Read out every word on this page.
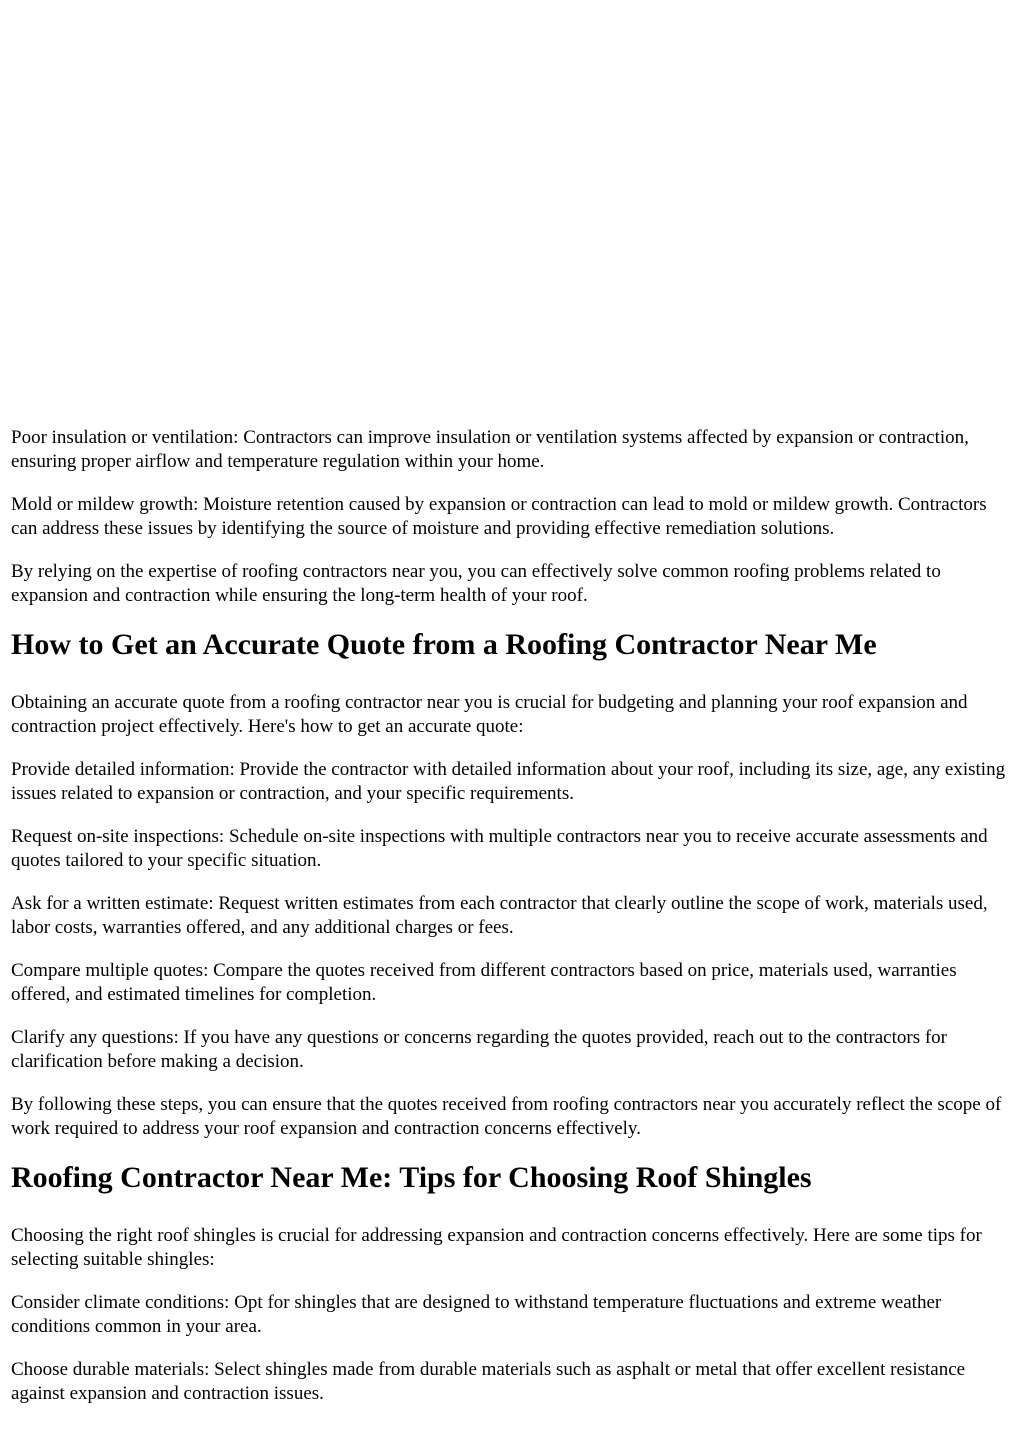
Poor insulation or ventilation: Contractors can improve insulation or ventilation systems affected by expansion or contraction, ensuring proper airflow and temperature regulation within your home.

Mold or mildew growth: Moisture retention caused by expansion or contraction can lead to mold or mildew growth. Contractors can address these issues by identifying the source of moisture and providing effective remediation solutions.

By relying on the expertise of roofing contractors near you, you can effectively solve common roofing problems related to expansion and contraction while ensuring the long-term health of your roof.

How to Get an Accurate Quote from a Roofing Contractor Near Me

Obtaining an accurate quote from a roofing contractor near you is crucial for budgeting and planning your roof expansion and contraction project effectively. Here's how to get an accurate quote:

Provide detailed information: Provide the contractor with detailed information about your roof, including its size, age, any existing issues related to expansion or contraction, and your specific requirements.

Request on-site inspections: Schedule on-site inspections with multiple contractors near you to receive accurate assessments and quotes tailored to your specific situation.

Ask for a written estimate: Request written estimates from each contractor that clearly outline the scope of work, materials used, labor costs, warranties offered, and any additional charges or fees.

Compare multiple quotes: Compare the quotes received from different contractors based on price, materials used, warranties offered, and estimated timelines for completion.

Clarify any questions: If you have any questions or concerns regarding the quotes provided, reach out to the contractors for clarification before making a decision.

By following these steps, you can ensure that the quotes received from roofing contractors near you accurately reflect the scope of work required to address your roof expansion and contraction concerns effectively.

Roofing Contractor Near Me: Tips for Choosing Roof Shingles

Choosing the right roof shingles is crucial for addressing expansion and contraction concerns effectively. Here are some tips for selecting suitable shingles:

Consider climate conditions: Opt for shingles that are designed to withstand temperature fluctuations and extreme weather conditions common in your area.

Choose durable materials: Select shingles made from durable materials such as asphalt or metal that offer excellent resistance against expansion and contraction issues.
